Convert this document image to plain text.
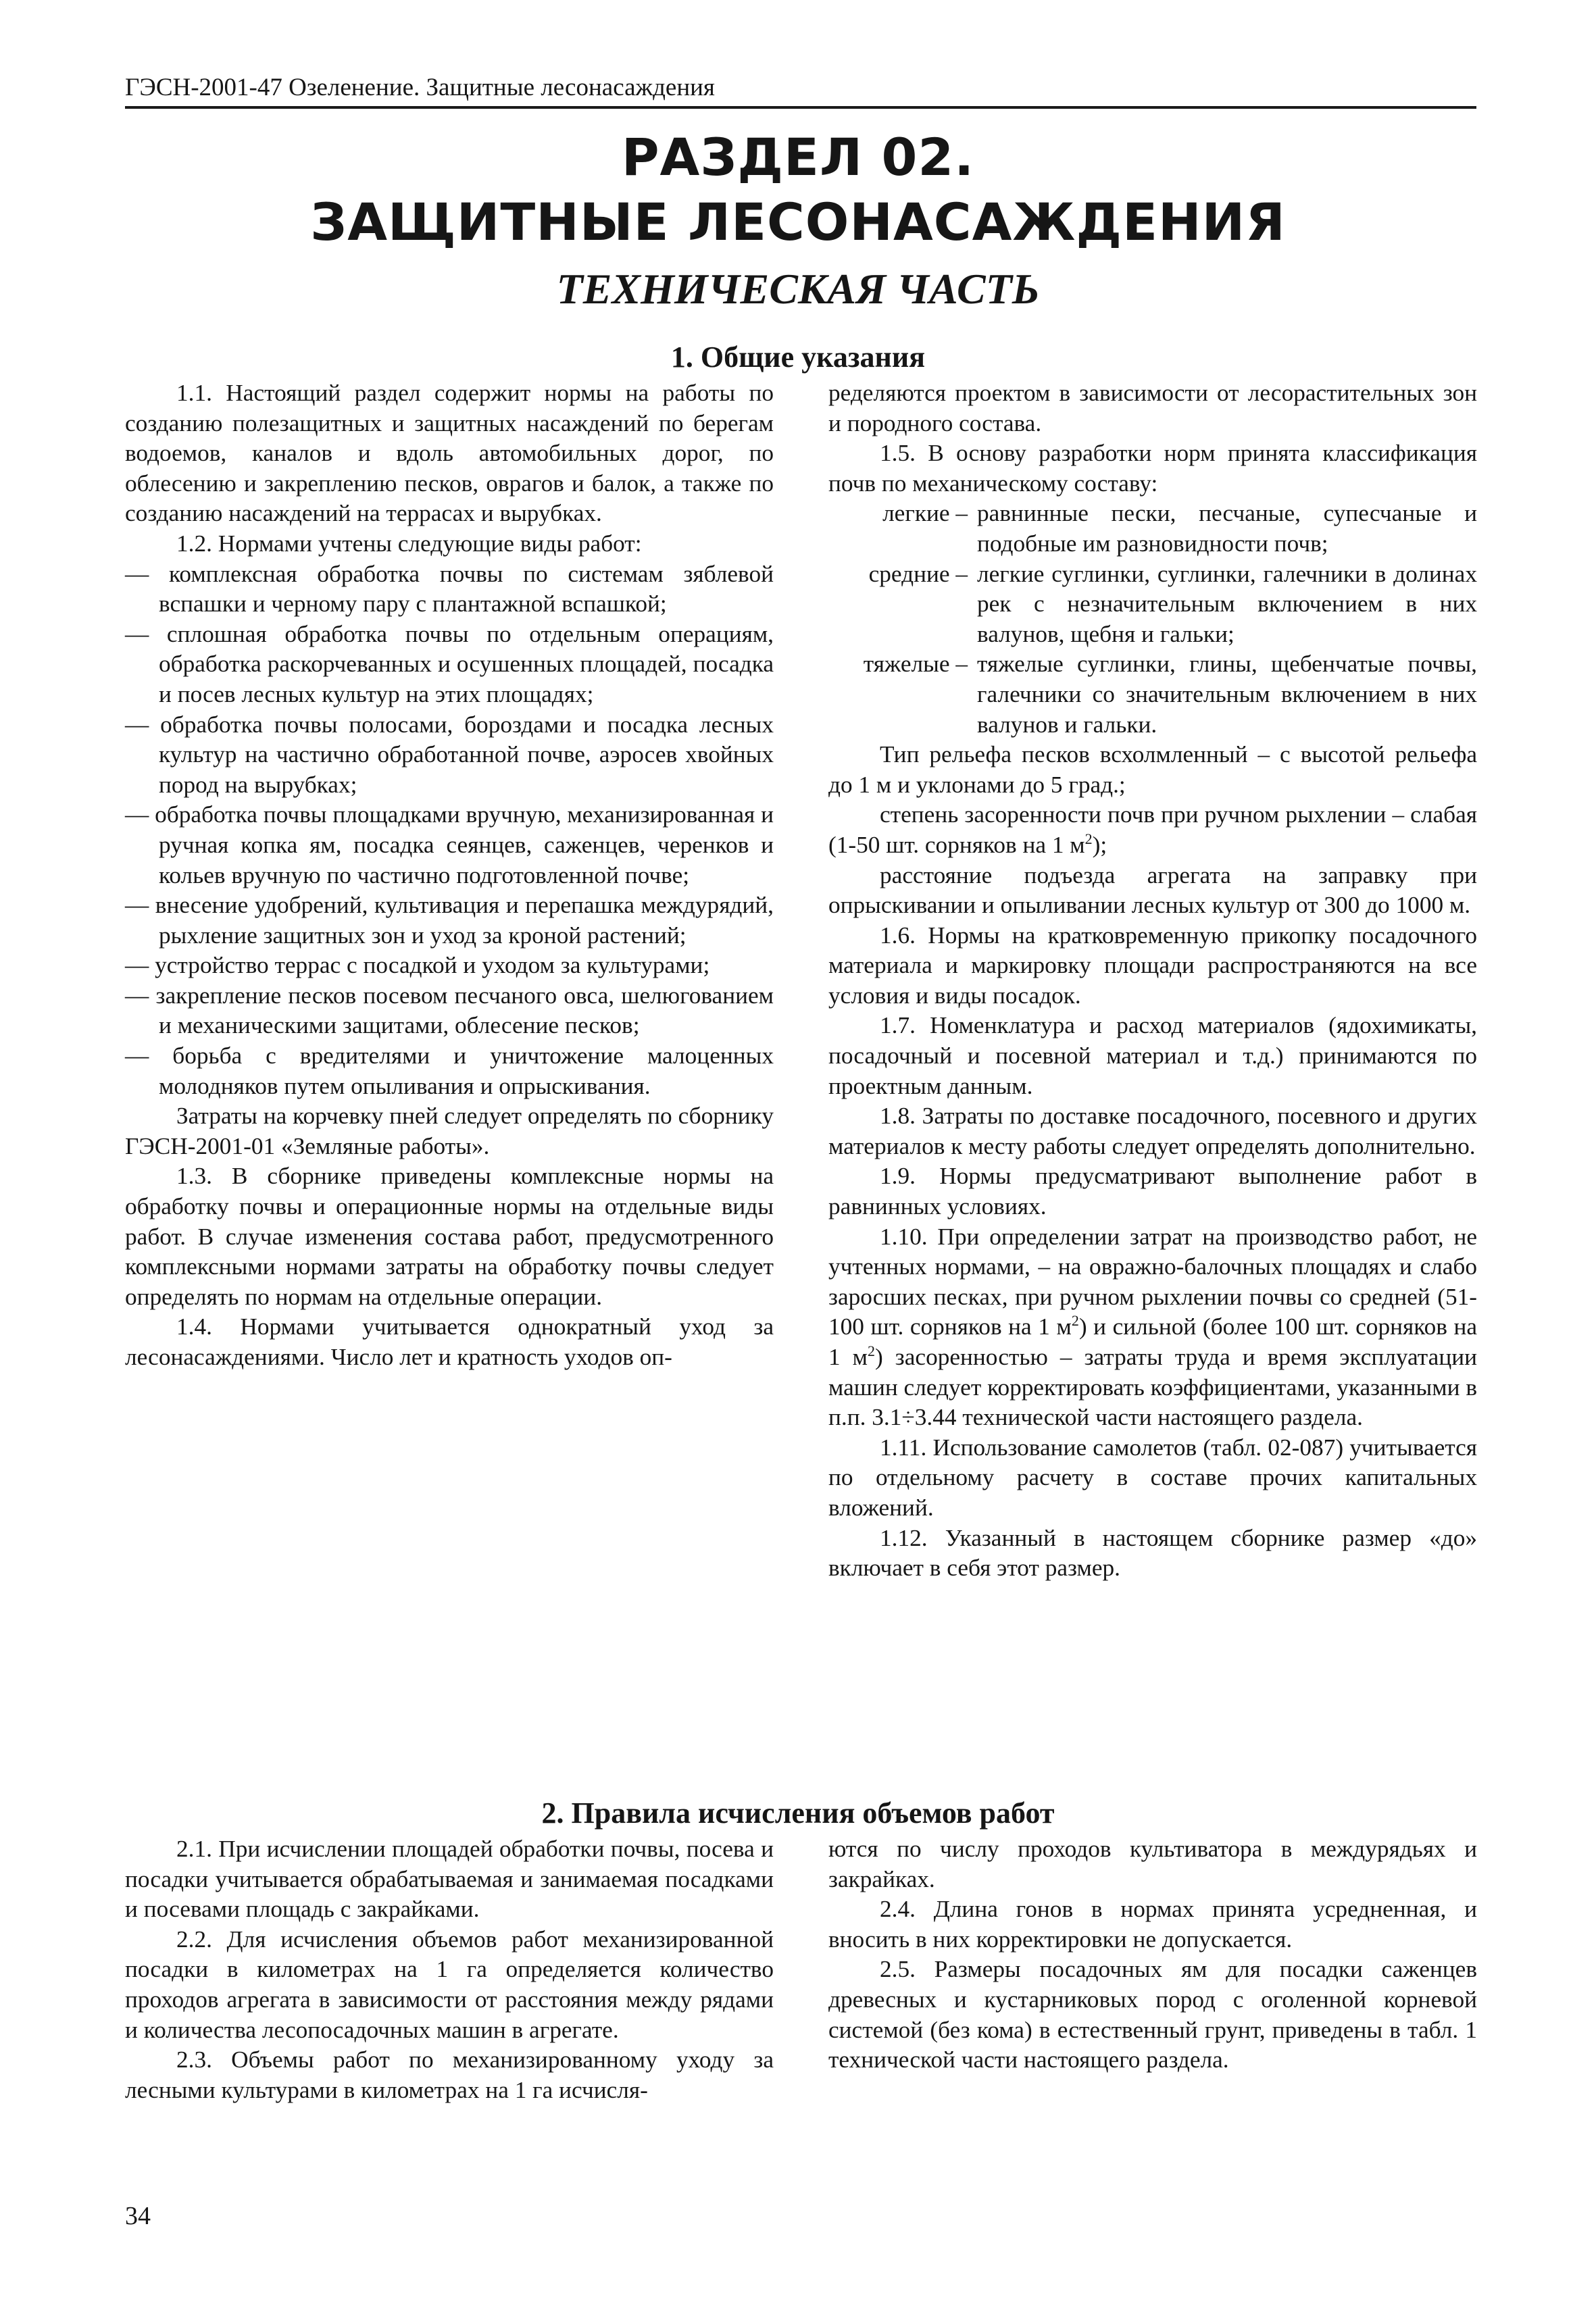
ГЭСН-2001-47 Озеленение. Защитные лесонасаждения
РАЗДЕЛ 02.
ЗАЩИТНЫЕ ЛЕСОНАСАЖДЕНИЯ
ТЕХНИЧЕСКАЯ ЧАСТЬ
1. Общие указания

1.1. Настоящий раздел содержит нормы на работы по созданию полезащитных и защитных насаждений по берегам водоемов, каналов и вдоль автомобильных дорог, по облесению и закреплению песков, оврагов и балок, а также по созданию насаждений на террасах и вырубках.

1.2. Нормами учтены следующие виды работ:

— комплексная обработка почвы по системам зяблевой вспашки и черному пару с плантажной вспашкой;
— сплошная обработка почвы по отдельным операциям, обработка раскорчеванных и осушенных площадей, посадка и посев лесных культур на этих площадях;
— обработка почвы полосами, бороздами и посадка лесных культур на частично обработанной почве, аэросев хвойных пород на вырубках;
— обработка почвы площадками вручную, механизированная и ручная копка ям, посадка сеянцев, саженцев, черенков и кольев вручную по частично подготовленной почве;
— внесение удобрений, культивация и перепашка междурядий, рыхление защитных зон и уход за кроной растений;
— устройство террас с посадкой и уходом за культурами;
— закрепление песков посевом песчаного овса, шелюгованием и механическими защитами, облесение песков;
— борьба с вредителями и уничтожение малоценных молодняков путем опыливания и опрыскивания.

Затраты на корчевку пней следует определять по сборнику ГЭСН-2001-01 «Земляные работы».

1.3. В сборнике приведены комплексные нормы на обработку почвы и операционные нормы на отдельные виды работ. В случае изменения состава работ, предусмотренного комплексными нормами затраты на обработку почвы следует определять по нормам на отдельные операции.

1.4. Нормами учитывается однократный уход за лесонасаждениями. Число лет и кратность уходов оп-

ределяются проектом в зависимости от лесорастительных зон и породного состава.

1.5. В основу разработки норм принята классификация почв по механическому составу:

легкие – равнинные пески, песчаные, супесчаные и подобные им разновидности почв;
средние – легкие суглинки, суглинки, галечники в долинах рек с незначительным включением в них валунов, щебня и гальки;
тяжелые – тяжелые суглинки, глины, щебенчатые почвы, галечники со значительным включением в них валунов и гальки.

Тип рельефа песков всхолмленный – с высотой рельефа до 1 м и уклонами до 5 град.;

степень засоренности почв при ручном рыхлении – слабая (1-50 шт. сорняков на 1 $м^2$);

расстояние подъезда агрегата на заправку при опрыскивании и опыливании лесных культур от 300 до 1000 м.

1.6. Нормы на кратковременную прикопку посадочного материала и маркировку площади распространяются на все условия и виды посадок.

1.7. Номенклатура и расход материалов (ядохимикаты, посадочный и посевной материал и т.д.) принимаются по проектным данным.

1.8. Затраты по доставке посадочного, посевного и других материалов к месту работы следует определять дополнительно.

1.9. Нормы предусматривают выполнение работ в равнинных условиях.

1.10. При определении затрат на производство работ, не учтенных нормами, – на овражно-балочных площадях и слабо заросших песках, при ручном рыхлении почвы со средней (51-100 шт. сорняков на 1 $м^2$) и сильной (более 100 шт. сорняков на 1 $м^2$) засоренностью – затраты труда и время эксплуатации машин следует корректировать коэффициентами, указанными в п.п. 3.1÷3.44 технической части настоящего раздела.

1.11. Использование самолетов (табл. 02-087) учитывается по отдельному расчету в составе прочих капитальных вложений.

1.12. Указанный в настоящем сборнике размер «до» включает в себя этот размер.

2. Правила исчисления объемов работ

2.1. При исчислении площадей обработки почвы, посева и посадки учитывается обрабатываемая и занимаемая посадками и посевами площадь с закрайками.

2.2. Для исчисления объемов работ механизированной посадки в километрах на 1 га определяется количество проходов агрегата в зависимости от расстояния между рядами и количества лесопосадочных машин в агрегате.

2.3. Объемы работ по механизированному уходу за лесными культурами в километрах на 1 га исчисля-

ются по числу проходов культиватора в междурядьях и закрайках.

2.4. Длина гонов в нормах принята усредненная, и вносить в них корректировки не допускается.

2.5. Размеры посадочных ям для посадки саженцев древесных и кустарниковых пород с оголенной корневой системой (без кома) в естественный грунт, приведены в табл. 1 технической части настоящего раздела.

34
